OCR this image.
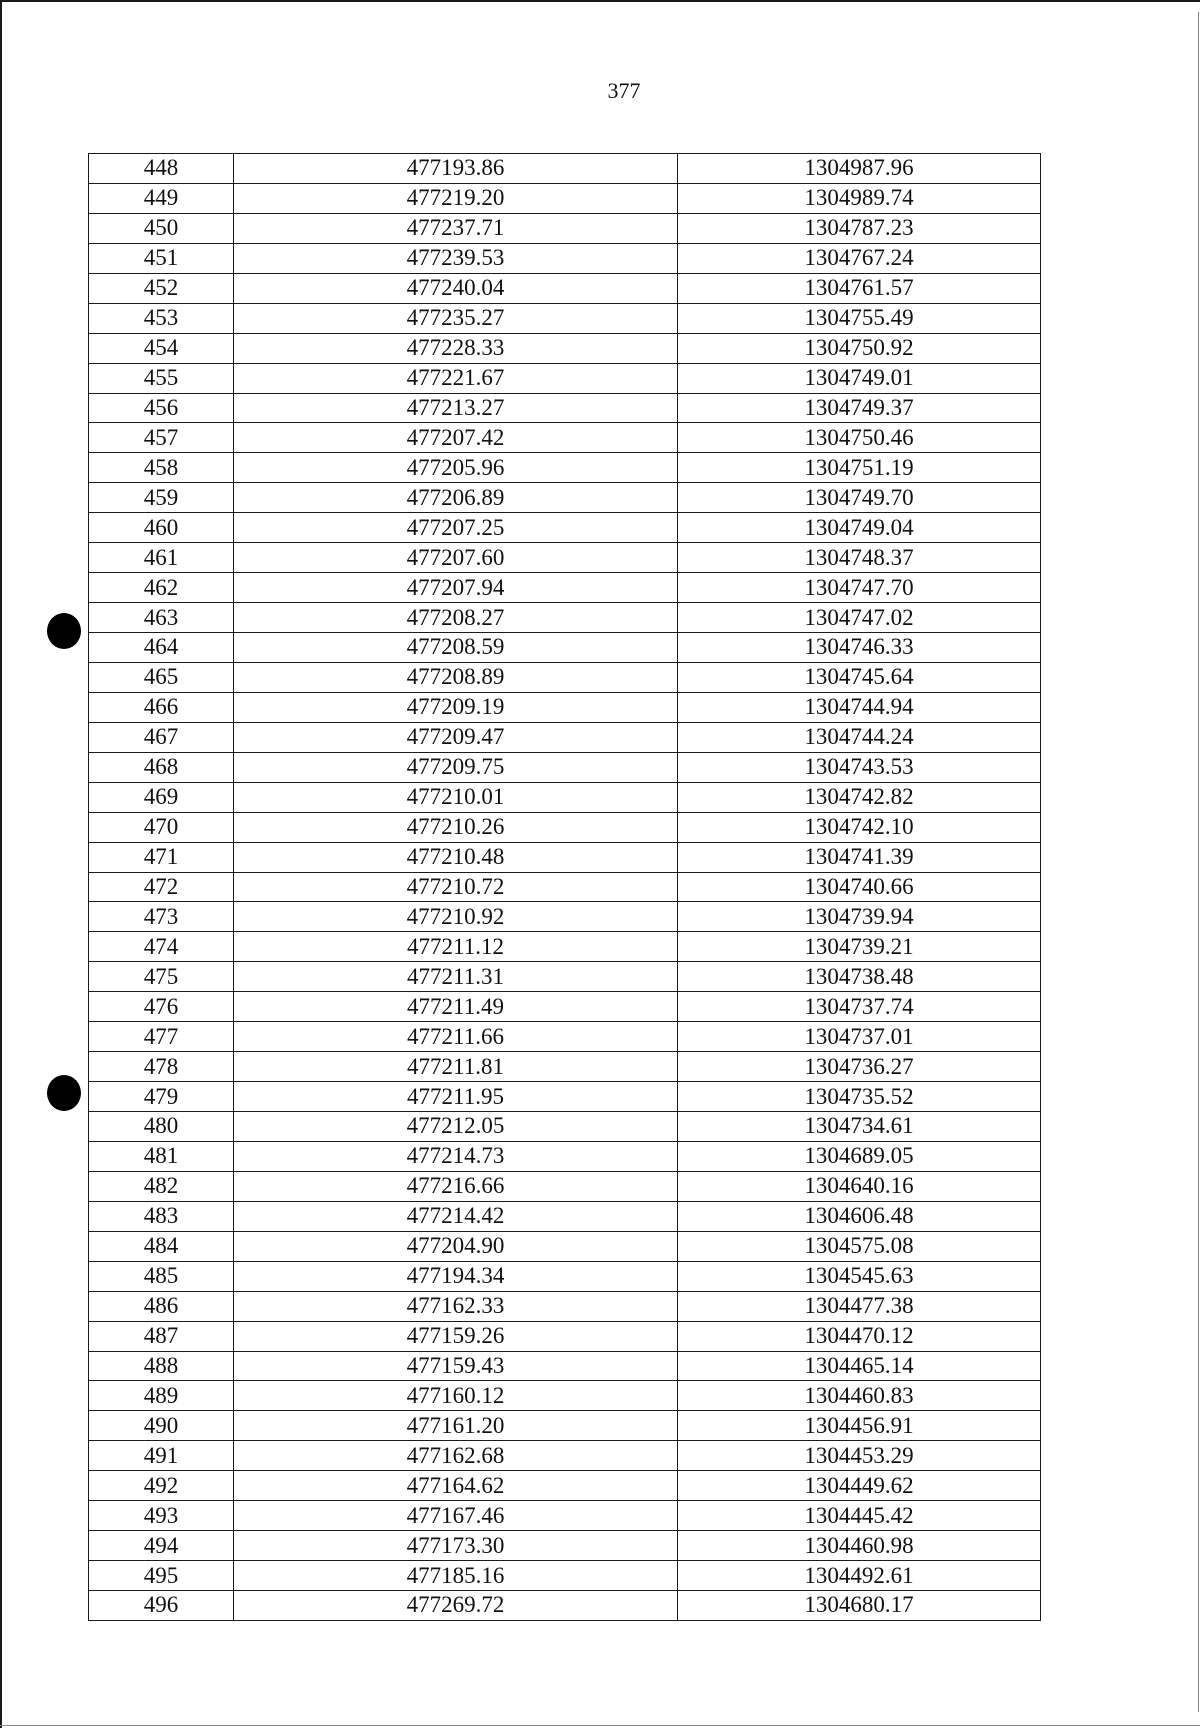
377
448	477193.86	1304987.96
449	477219.20	1304989.74
450	477237.71	1304787.23
451	477239.53	1304767.24
452	477240.04	1304761.57
453	477235.27	1304755.49
454	477228.33	1304750.92
455	477221.67	1304749.01
456	477213.27	1304749.37
457	477207.42	1304750.46
458	477205.96	1304751.19
459	477206.89	1304749.70
460	477207.25	1304749.04
461	477207.60	1304748.37
462	477207.94	1304747.70
463	477208.27	1304747.02
464	477208.59	1304746.33
465	477208.89	1304745.64
466	477209.19	1304744.94
467	477209.47	1304744.24
468	477209.75	1304743.53
469	477210.01	1304742.82
470	477210.26	1304742.10
471	477210.48	1304741.39
472	477210.72	1304740.66
473	477210.92	1304739.94
474	477211.12	1304739.21
475	477211.31	1304738.48
476	477211.49	1304737.74
477	477211.66	1304737.01
478	477211.81	1304736.27
479	477211.95	1304735.52
480	477212.05	1304734.61
481	477214.73	1304689.05
482	477216.66	1304640.16
483	477214.42	1304606.48
484	477204.90	1304575.08
485	477194.34	1304545.63
486	477162.33	1304477.38
487	477159.26	1304470.12
488	477159.43	1304465.14
489	477160.12	1304460.83
490	477161.20	1304456.91
491	477162.68	1304453.29
492	477164.62	1304449.62
493	477167.46	1304445.42
494	477173.30	1304460.98
495	477185.16	1304492.61
496	477269.72	1304680.17
